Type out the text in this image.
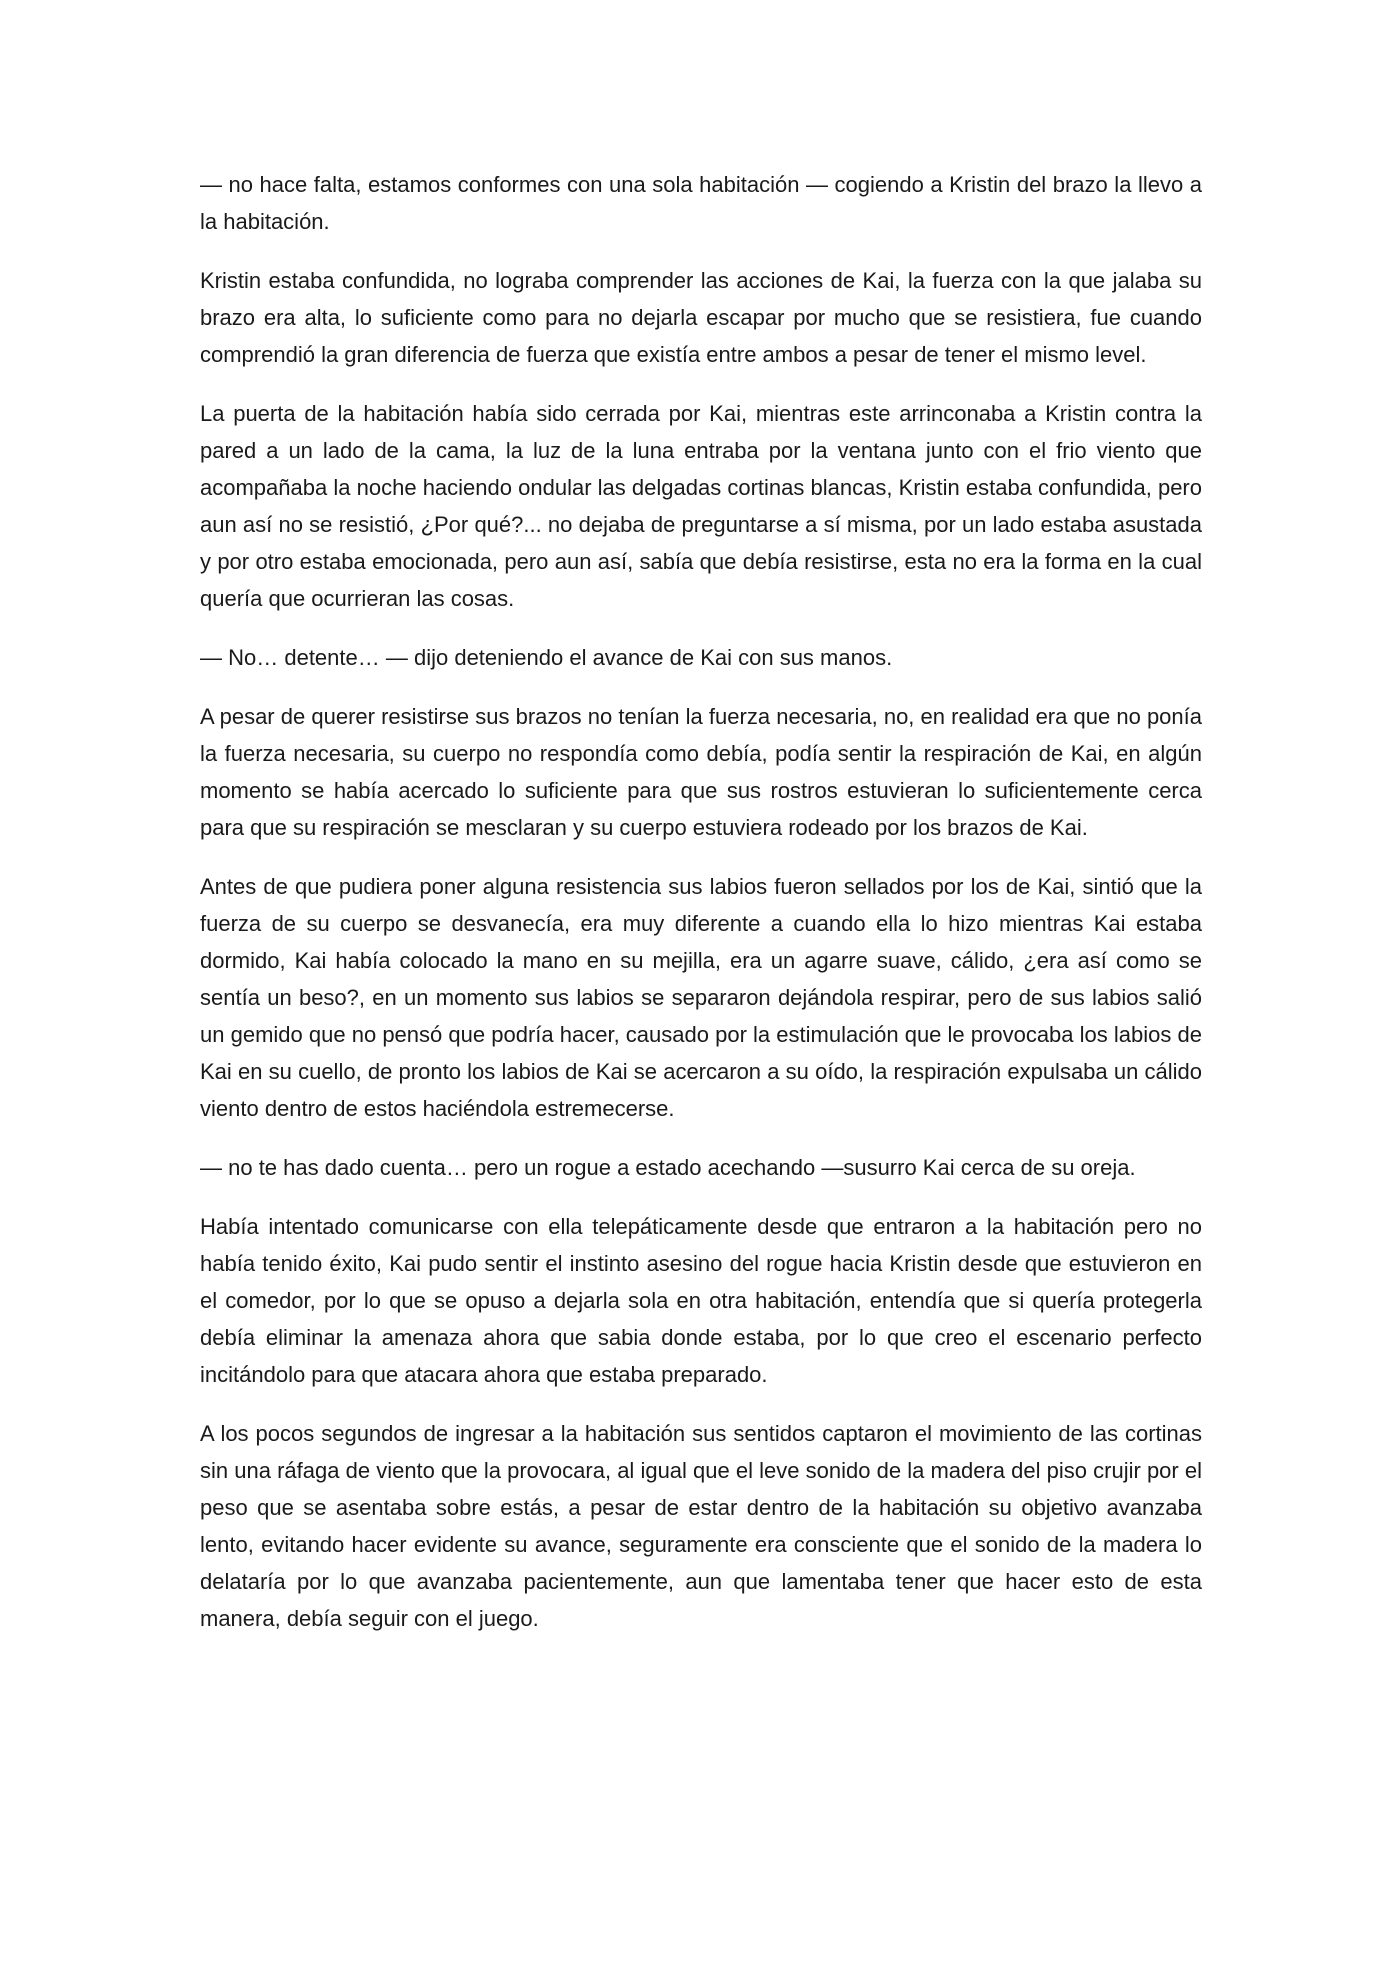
— no hace falta, estamos conformes con una sola habitación — cogiendo a Kristin del brazo la llevo a la habitación.

Kristin estaba confundida, no lograba comprender las acciones de Kai, la fuerza con la que jalaba su brazo era alta, lo suficiente como para no dejarla escapar por mucho que se resistiera, fue cuando comprendió la gran diferencia de fuerza que existía entre ambos a pesar de tener el mismo level.

La puerta de la habitación había sido cerrada por Kai, mientras este arrinconaba a Kristin contra la pared a un lado de la cama, la luz de la luna entraba por la ventana junto con el frio viento que acompañaba la noche haciendo ondular las delgadas cortinas blancas, Kristin estaba confundida, pero aun así no se resistió, ¿Por qué?... no dejaba de preguntarse a sí misma, por un lado estaba asustada y por otro estaba emocionada, pero aun así, sabía que debía resistirse, esta no era la forma en la cual quería que ocurrieran las cosas.

— No… detente… — dijo deteniendo el avance de Kai con sus manos.

A pesar de querer resistirse sus brazos no tenían la fuerza necesaria, no, en realidad era que no ponía la fuerza necesaria, su cuerpo no respondía como debía, podía sentir la respiración de Kai, en algún momento se había acercado lo suficiente para que sus rostros estuvieran lo suficientemente cerca para que su respiración se mesclaran y su cuerpo estuviera rodeado por los brazos de Kai.

Antes de que pudiera poner alguna resistencia sus labios fueron sellados por los de Kai, sintió que la fuerza de su cuerpo se desvanecía, era muy diferente a cuando ella lo hizo mientras Kai estaba dormido, Kai había colocado la mano en su mejilla, era un agarre suave, cálido, ¿era así como se sentía un beso?, en un momento sus labios se separaron dejándola respirar, pero de sus labios salió un gemido que no pensó que podría hacer, causado por la estimulación que le provocaba los labios de Kai en su cuello, de pronto los labios de Kai se acercaron a su oído, la respiración expulsaba un cálido viento dentro de estos haciéndola estremecerse.

— no te has dado cuenta… pero un rogue a estado acechando —susurro Kai cerca de su oreja.

Había intentado comunicarse con ella telepáticamente desde que entraron a la habitación pero no había tenido éxito, Kai pudo sentir el instinto asesino del rogue hacia Kristin desde que estuvieron en el comedor, por lo que se opuso a dejarla sola en otra habitación, entendía que si quería protegerla debía eliminar la amenaza ahora que sabia donde estaba, por lo que creo el escenario perfecto incitándolo para que atacara ahora que estaba preparado.

A los pocos segundos de ingresar a la habitación sus sentidos captaron el movimiento de las cortinas sin una ráfaga de viento que la provocara, al igual que el leve sonido de la madera del piso crujir por el peso que se asentaba sobre estás, a pesar de estar dentro de la habitación su objetivo avanzaba lento, evitando hacer evidente su avance, seguramente era consciente que el sonido de la madera lo delataría por lo que avanzaba pacientemente, aun que lamentaba tener que hacer esto de esta manera, debía seguir con el juego.
